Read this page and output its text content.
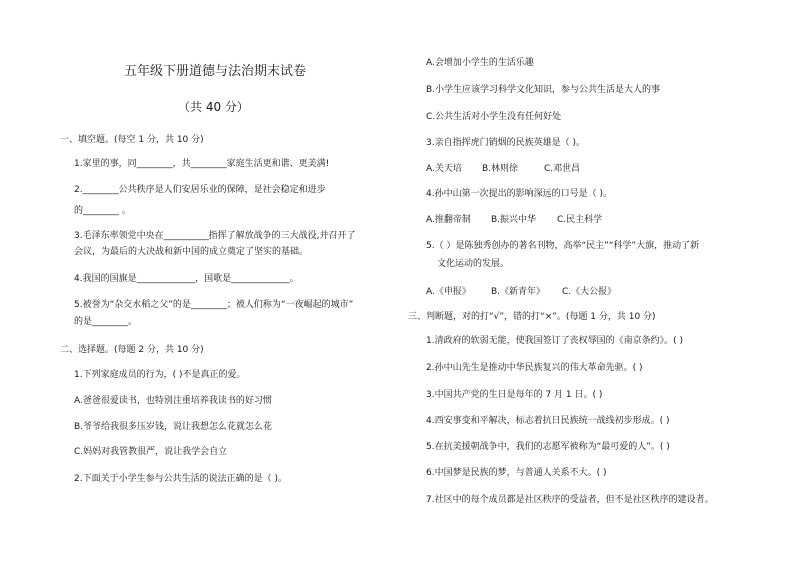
五年级下册道德与法治期末试卷
（共 40 分）
一、填空题。(每空 1 分，共 10 分)
1.家里的事，同________，共________家庭生活更和谐、更美满!
2.________公共秩序是人们安居乐业的保障，是社会稳定和进步
的________ 。
3.毛泽东率领党中央在__________指挥了解放战争的三大战役,并召开了
会议，为最后的大决战和新中国的成立奠定了坚实的基础。
4.我国的国旗是_____________，国歌是_____________。
5.被誉为“杂交水稻之父”的是________；被人们称为“一夜崛起的城市”
的是________。
二、选择题。(每题 2 分，共 10 分)
1.下列家庭成员的行为，( )不是真正的爱。
A.爸爸很爱读书，也特别注重培养我读书的好习惯
B.爷爷给我很多压岁钱，说让我想怎么花就怎么花
C.妈妈对我管教很严，说让我学会自立
2.下面关于小学生参与公共生活的说法正确的是（ )。
A.会增加小学生的生活乐趣
B.小学生应该学习科学文化知识，参与公共生活是大人的事
C.公共生活对小学生没有任何好处
3.亲自指挥虎门销烟的民族英雄是（ )。
A.关天培 B.林则徐	C.邓世昌
4.孙中山第一次提出的影响深远的口号是（ )。
A.推翻帝制 B.振兴中华 C.民主科学
5.（ ）是陈独秀创办的著名刊物，高举“民主”“科学”大旗，推动了新
文化运动的发展。
A.《申报》 B.《新青年》 C.《大公报》
三、判断题，对的打“√”，错的打“×”。(每题 1 分，共 10 分)
1.清政府的软弱无能，使我国签订了丧权辱国的《南京条约》。( )
2.孙中山先生是推动中华民族复兴的伟大革命先驱。( )
3.中国共产党的生日是每年的 7 月 1 日。( )
4.西安事变和平解决，标志着抗日民族统一战线初步形成。( )
5.在抗美援朝战争中，我们的志愿军被称为“最可爱的人”。( )
6.中国梦是民族的梦，与普通人关系不大。( )
7.社区中的每个成员都是社区秩序的受益者，但不是社区秩序的建设者。
